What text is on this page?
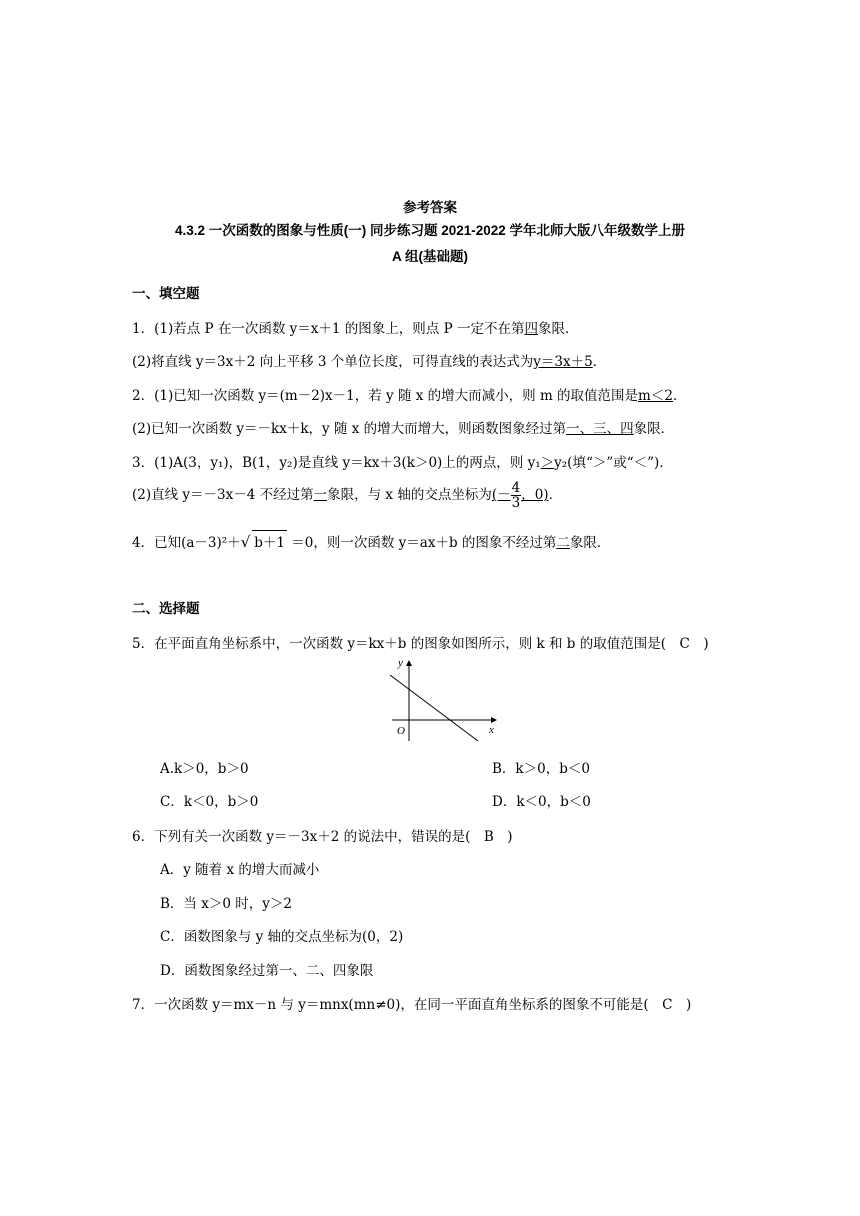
参考答案
4.3.2 一次函数的图象与性质(一) 同步练习题 2021-2022 学年北师大版八年级数学上册
A 组(基础题)
一、填空题
1．(1)若点 P 在一次函数 y＝x＋1 的图象上，则点 P 一定不在第四象限．
(2)将直线 y＝3x＋2 向上平移 3 个单位长度，可得直线的表达式为y＝3x＋5．
2．(1)已知一次函数 y＝(m－2)x－1，若 y 随 x 的增大而减小，则 m 的取值范围是m＜2．
(2)已知一次函数 y＝－kx＋k，y 随 x 的增大而增大，则函数图象经过第一、三、四象限．
3．(1)A(3，y₁)，B(1，y₂)是直线 y＝kx＋3(k＞0)上的两点，则 y₁＞y₂(填“＞”或“＜”)．
(2)直线 y＝－3x－4 不经过第一象限，与 x 轴的交点坐标为(－ $\frac{4}{3}$ ，0)．
4．已知(a－3)²＋√ b＋1 ＝0，则一次函数 y＝ax＋b 的图象不经过第二象限．
二、选择题
5．在平面直角坐标系中，一次函数 y＝kx＋b 的图象如图所示，则 k 和 b 的取值范围是(　C　)
y
x
O
A.k＞0，b＞0	B．k＞0，b＜0
C．k＜0，b＞0	D．k＜0，b＜0
6．下列有关一次函数 y＝－3x＋2 的说法中，错误的是(　B　)
A．y 随着 x 的增大而减小
B．当 x＞0 时，y＞2
C．函数图象与 y 轴的交点坐标为(0，2)
D．函数图象经过第一、二、四象限
7．一次函数 y＝mx－n 与 y＝mnx(mn≠0)，在同一平面直角坐标系的图象不可能是(　C　)
